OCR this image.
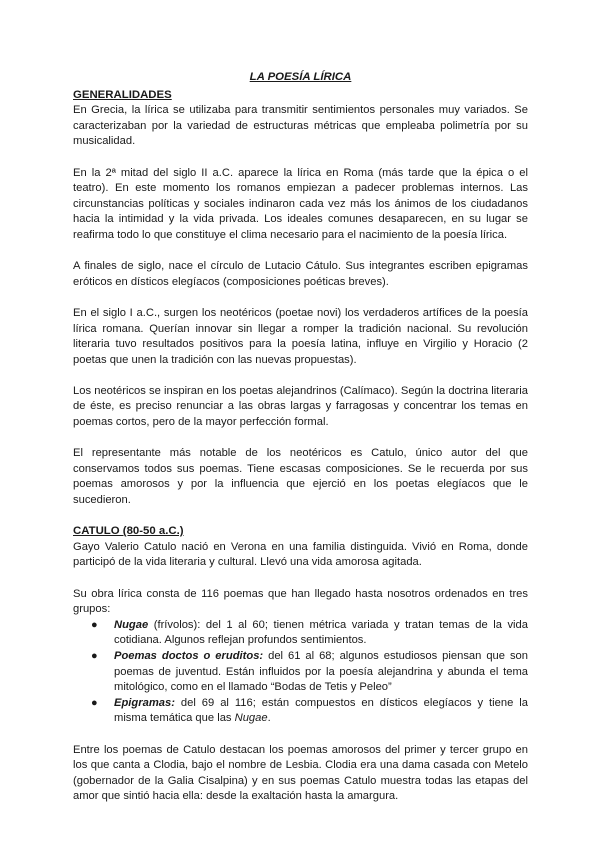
LA POESÍA LÍRICA
GENERALIDADES

En Grecia, la lírica se utilizaba para transmitir sentimientos personales muy variados. Se caracterizaban por la variedad de estructuras métricas que empleaba polimetría por su musicalidad.

En la 2ª mitad del siglo II a.C. aparece la lírica en Roma (más tarde que la épica o el teatro). En este momento los romanos empiezan a padecer problemas internos. Las circunstancias políticas y sociales indinaron cada vez más los ánimos de los ciudadanos hacia la intimidad y la vida privada. Los ideales comunes desaparecen, en su lugar se reafirma todo lo que constituye el clima necesario para el nacimiento de la poesía lírica.

A finales de siglo, nace el círculo de Lutacio Cátulo. Sus integrantes escriben epigramas eróticos en dísticos elegíacos (composiciones poéticas breves).

En el siglo I a.C., surgen los neotéricos (poetae novi) los verdaderos artífices de la poesía lírica romana. Querían innovar sin llegar a romper la tradición nacional. Su revolución literaria tuvo resultados positivos para la poesía latina, influye en Virgilio y Horacio (2 poetas que unen la tradición con las nuevas propuestas).

Los neotéricos se inspiran en los poetas alejandrinos (Calímaco). Según la doctrina literaria de éste, es preciso renunciar a las obras largas y farragosas y concentrar los temas en poemas cortos, pero de la mayor perfección formal.

El representante más notable de los neotéricos es Catulo, único autor del que conservamos todos sus poemas. Tiene escasas composiciones. Se le recuerda por sus poemas amorosos y por la influencia que ejerció en los poetas elegíacos que le sucedieron.

CATULO (80-50 a.C.)

Gayo Valerio Catulo nació en Verona en una familia distinguida. Vivió en Roma, donde participó de la vida literaria y cultural. Llevó una vida amorosa agitada.

Su obra lírica consta de 116 poemas que han llegado hasta nosotros ordenados en tres grupos:

● Nugae (frívolos): del 1 al 60; tienen métrica variada y tratan temas de la vida cotidiana. Algunos reflejan profundos sentimientos.
● Poemas doctos o eruditos: del 61 al 68; algunos estudiosos piensan que son poemas de juventud. Están influidos por la poesía alejandrina y abunda el tema mitológico, como en el llamado “Bodas de Tetis y Peleo”
● Epigramas: del 69 al 116; están compuestos en dísticos elegíacos y tiene la misma temática que las Nugae.

Entre los poemas de Catulo destacan los poemas amorosos del primer y tercer grupo en los que canta a Clodia, bajo el nombre de Lesbia. Clodia era una dama casada con Metelo (gobernador de la Galia Cisalpina) y en sus poemas Catulo muestra todas las etapas del amor que sintió hacia ella: desde la exaltación hasta la amargura.
